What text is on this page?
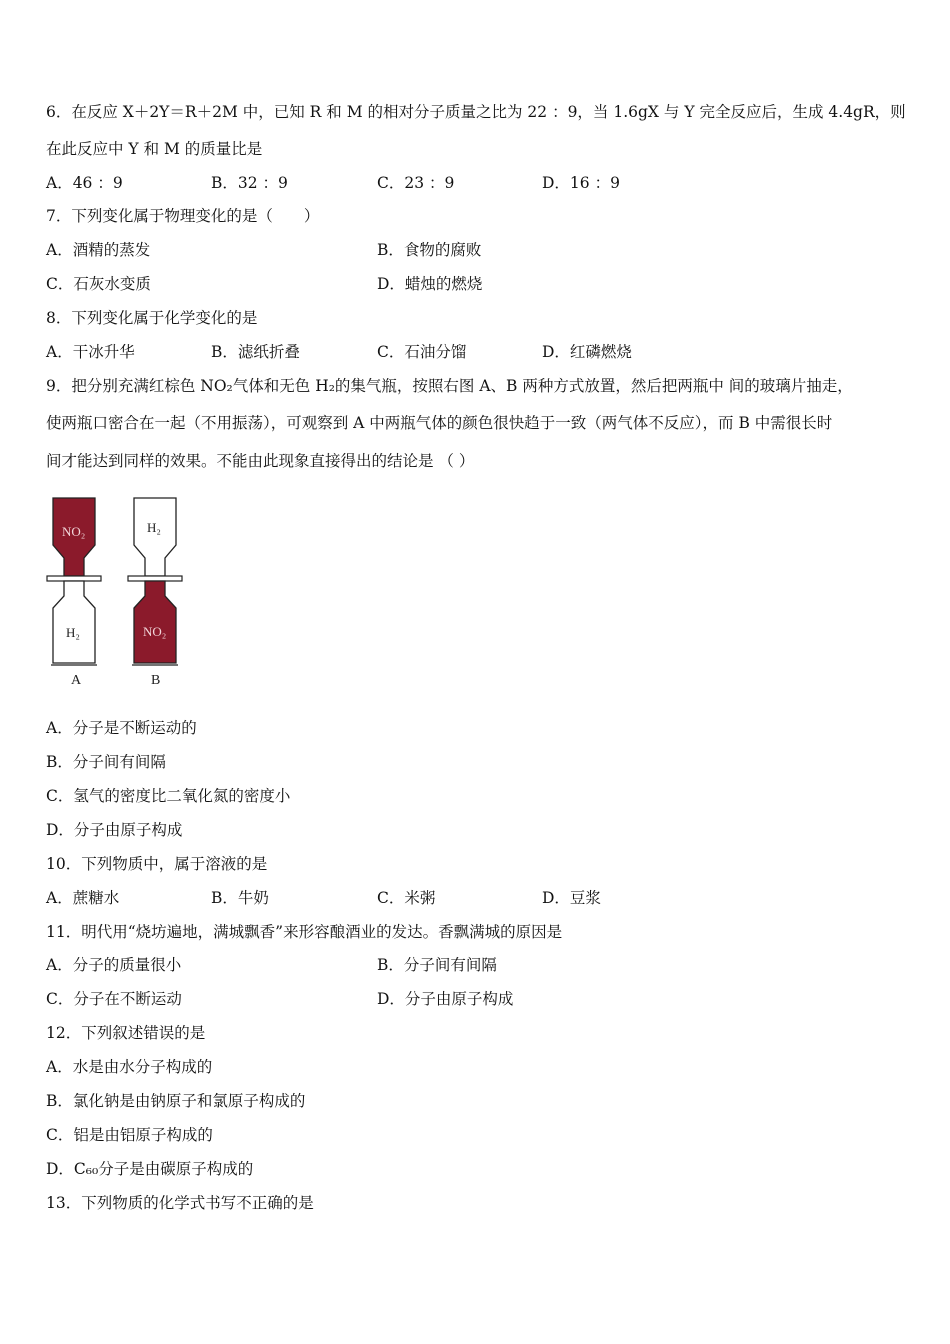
6．在反应 X＋2Y＝R＋2M 中，已知 R 和 M 的相对分子质量之比为 22 ：9，当 1.6gX 与 Y 完全反应后，生成 4.4gR，则
在此反应中 Y 和 M 的质量比是
A．46 ：9	B．32 ：9	C．23 ：9	D．16 ：9
7．下列变化属于物理变化的是（　　）
A．酒精的蒸发	B．食物的腐败
C．石灰水变质	D．蜡烛的燃烧
8．下列变化属于化学变化的是
A．干冰升华	B．滤纸折叠	C．石油分馏	D．红磷燃烧
9．把分别充满红棕色 NO₂气体和无色 H₂的集气瓶，按照右图 A、B 两种方式放置，然后把两瓶中 间的玻璃片抽走，
使两瓶口密合在一起（不用振荡），可观察到 A 中两瓶气体的颜色很快趋于一致（两气体不反应），而 B 中需很长时
间才能达到同样的效果。不能由此现象直接得出的结论是 （ ）
NO₂
H₂
A
H₂
NO₂
B
A．分子是不断运动的
B．分子间有间隔
C．氢气的密度比二氧化氮的密度小
D．分子由原子构成
10．下列物质中，属于溶液的是
A．蔗糖水	B．牛奶	C．米粥	D．豆浆
11．明代用“烧坊遍地，满城飘香”来形容酿酒业的发达。香飘满城的原因是
A．分子的质量很小	B．分子间有间隔
C．分子在不断运动	D．分子由原子构成
12．下列叙述错误的是
A．水是由水分子构成的
B．氯化钠是由钠原子和氯原子构成的
C．铝是由铝原子构成的
D．C₆₀分子是由碳原子构成的
13．下列物质的化学式书写不正确的是
